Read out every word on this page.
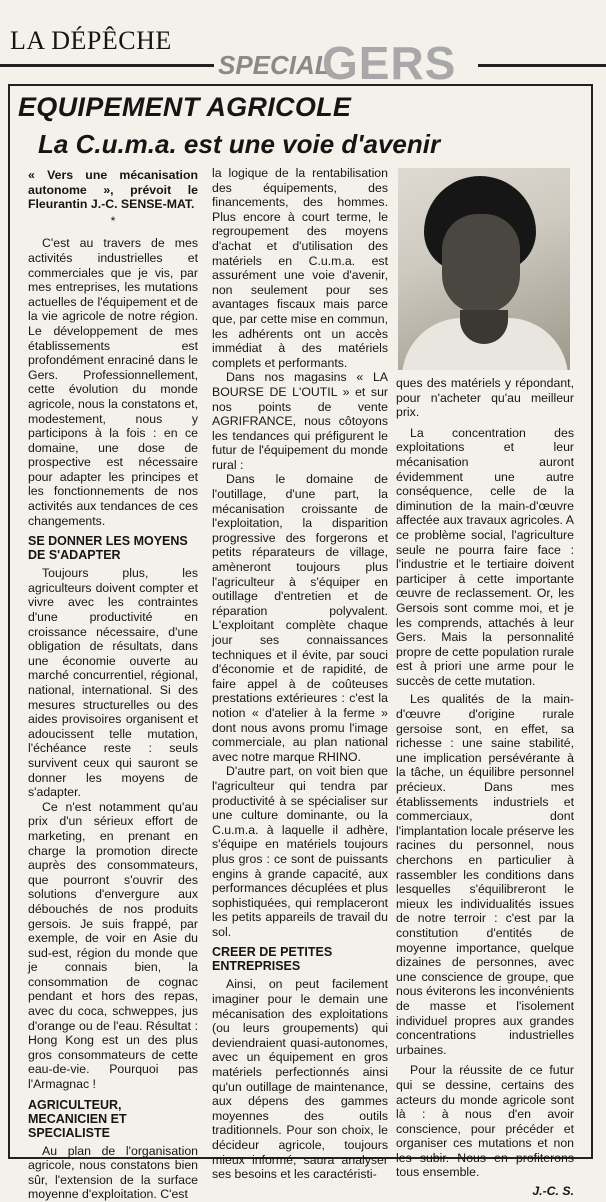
LA DÉPÊCHE
SPECIAL
GERS
EQUIPEMENT AGRICOLE
La C.u.m.a. est une voie d'avenir

« Vers une mécanisation autonome », prévoit le Fleurantin J.-C. SENSE-MAT.

*

C'est au travers de mes activités industrielles et commerciales que je vis, par mes entreprises, les mutations actuelles de l'équipement et de la vie agricole de notre région. Le développement de mes établissements est profondément enraciné dans le Gers. Professionnellement, cette évolution du monde agricole, nous la constatons et, modestement, nous y participons à la fois : en ce domaine, une dose de prospective est nécessaire pour adapter les principes et les fonctionnements de nos activités aux tendances de ces changements.

SE DONNER LES MOYENS DE S'ADAPTER

Toujours plus, les agriculteurs doivent compter et vivre avec les contraintes d'une productivité en croissance nécessaire, d'une obligation de résultats, dans une économie ouverte au marché concurrentiel, régional, national, international. Si des mesures structurelles ou des aides provisoires organisent et adoucissent telle mutation, l'échéance reste : seuls survivent ceux qui sauront se donner les moyens de s'adapter.

Ce n'est notamment qu'au prix d'un sérieux effort de marketing, en prenant en charge la promotion directe auprès des consommateurs, que pourront s'ouvrir des solutions d'envergure aux débouchés de nos produits gersois. Je suis frappé, par exemple, de voir en Asie du sud-est, région du monde que je connais bien, la consommation de cognac pendant et hors des repas, avec du coca, schweppes, jus d'orange ou de l'eau. Résultat : Hong Kong est un des plus gros consommateurs de cette eau-de-vie. Pourquoi pas l'Armagnac !

AGRICULTEUR, MECANICIEN ET SPECIALISTE

Au plan de l'organisation agricole, nous constatons bien sûr, l'extension de la surface moyenne d'exploitation. C'est

la logique de la rentabilisation des équipements, des financements, des hommes. Plus encore à court terme, le regroupement des moyens d'achat et d'utilisation des matériels en C.u.m.a. est assurément une voie d'avenir, non seulement pour ses avantages fiscaux mais parce que, par cette mise en commun, les adhérents ont un accès immédiat à des matériels complets et performants.

Dans nos magasins « LA BOURSE DE L'OUTIL » et sur nos points de vente AGRIFRANCE, nous côtoyons les tendances qui préfigurent le futur de l'équipement du monde rural :

Dans le domaine de l'outillage, d'une part, la mécanisation croissante de l'exploitation, la disparition progressive des forgerons et petits réparateurs de village, amèneront toujours plus l'agriculteur à s'équiper en outillage d'entretien et de réparation polyvalent. L'exploitant complète chaque jour ses connaissances techniques et il évite, par souci d'économie et de rapidité, de faire appel à de coûteuses prestations extérieures : c'est la notion « d'atelier à la ferme » dont nous avons promu l'image commerciale, au plan national avec notre marque RHINO.

D'autre part, on voit bien que l'agriculteur qui tendra par productivité à se spécialiser sur une culture dominante, ou la C.u.m.a. à laquelle il adhère, s'équipe en matériels toujours plus gros : ce sont de puissants engins à grande capacité, aux performances décuplées et plus sophistiquées, qui remplaceront les petits appareils de travail du sol.

CREER DE PETITES ENTREPRISES

Ainsi, on peut facilement imaginer pour le demain une mécanisation des exploitations (ou leurs groupements) qui deviendraient quasi-autonomes, avec un équipement en gros matériels perfectionnés ainsi qu'un outillage de maintenance, aux dépens des gammes moyennes des outils traditionnels. Pour son choix, le décideur agricole, toujours mieux informé, saura analyser ses besoins et les caractéristi-

ques des matériels y répondant, pour n'acheter qu'au meilleur prix.

La concentration des exploitations et leur mécanisation auront évidemment une autre conséquence, celle de la diminution de la main-d'œuvre affectée aux travaux agricoles. A ce problème social, l'agriculture seule ne pourra faire face : l'industrie et le tertiaire doivent participer à cette importante œuvre de reclassement. Or, les Gersois sont comme moi, et je les comprends, attachés à leur Gers. Mais la personnalité propre de cette population rurale est à priori une arme pour le succès de cette mutation.

Les qualités de la main-d'œuvre d'origine rurale gersoise sont, en effet, sa richesse : une saine stabilité, une implication persévérante à la tâche, un équilibre personnel précieux. Dans mes établissements industriels et commerciaux, dont l'implantation locale préserve les racines du personnel, nous cherchons en particulier à rassembler les conditions dans lesquelles s'équilibreront le mieux les individualités issues de notre terroir : c'est par la constitution d'entités de moyenne importance, quelque dizaines de personnes, avec une conscience de groupe, que nous éviterons les inconvénients de masse et l'isolement individuel propres aux grandes concentrations industrielles urbaines.

Pour la réussite de ce futur qui se dessine, certains des acteurs du monde agricole sont là : à nous d'en avoir conscience, pour précéder et organiser ces mutations et non les subir. Nous en profiterons tous ensemble.

J.-C. S.
